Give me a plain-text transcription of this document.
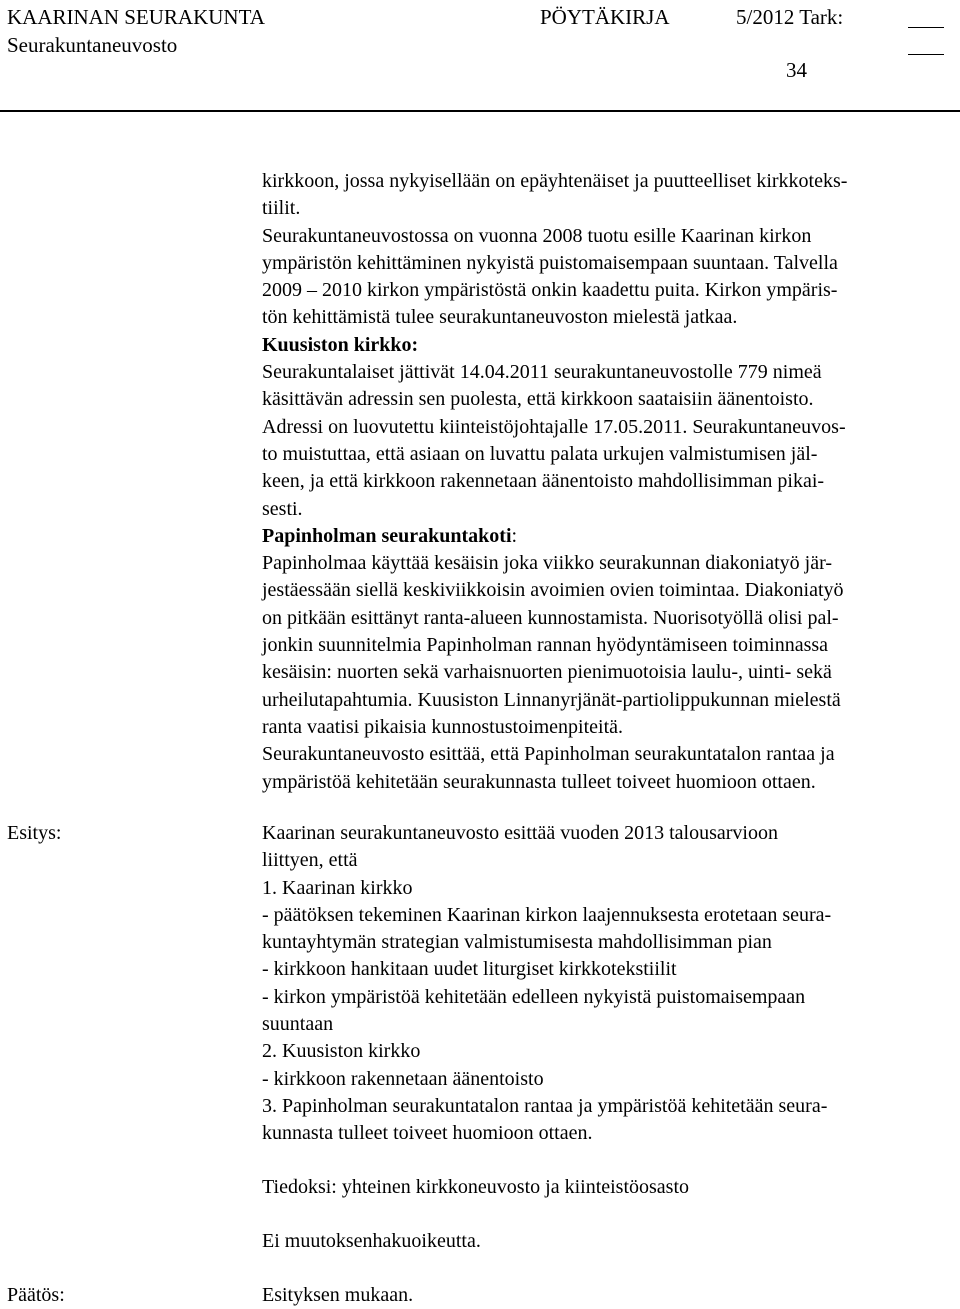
KAARINAN SEURAKUNTA
Seurakuntaneuvosto
PÖYTÄKIRJA	5/2012 Tark:
34
kirkkoon, jossa nykyisellään on epäyhtenäiset ja puutteelliset kirkkoteks-
tiilit.
Seurakuntaneuvostossa on vuonna 2008 tuotu esille Kaarinan kirkon
ympäristön kehittäminen nykyistä puistomaisempaan suuntaan. Talvella
2009 – 2010 kirkon ympäristöstä onkin kaadettu puita. Kirkon ympäris-
tön kehittämistä tulee seurakuntaneuvoston mielestä jatkaa.
Kuusiston kirkko:
Seurakuntalaiset jättivät 14.04.2011 seurakuntaneuvostolle 779 nimeä
käsittävän adressin sen puolesta, että kirkkoon saataisiin äänentoisto.
Adressi on luovutettu kiinteistöjohtajalle 17.05.2011. Seurakuntaneuvos-
to muistuttaa, että asiaan on luvattu palata urkujen valmistumisen jäl-
keen, ja että kirkkoon rakennetaan äänentoisto mahdollisimman pikai-
sesti.
Papinholman seurakuntakoti:
Papinholmaa käyttää kesäisin joka viikko seurakunnan diakoniatyö jär-
jestäessään siellä keskiviikkoisin avoimien ovien toimintaa. Diakoniatyö
on pitkään esittänyt ranta-alueen kunnostamista. Nuorisotyöllä olisi pal-
jonkin suunnitelmia Papinholman rannan hyödyntämiseen toiminnassa
kesäisin: nuorten sekä varhaisnuorten pienimuotoisia laulu-, uinti- sekä
urheilutapahtumia. Kuusiston Linnanyrjänät-partiolippukunnan mielestä
ranta vaatisi pikaisia kunnostustoimenpiteitä.
Seurakuntaneuvosto esittää, että Papinholman seurakuntatalon rantaa ja
ympäristöä kehitetään seurakunnasta tulleet toiveet huomioon ottaen.
Esitys:	Kaarinan seurakuntaneuvosto esittää vuoden 2013 talousarvioon
liittyen, että
1. Kaarinan kirkko
- päätöksen tekeminen Kaarinan kirkon laajennuksesta erotetaan seura-
kuntayhtymän strategian valmistumisesta mahdollisimman pian
- kirkkoon hankitaan uudet liturgiset kirkkotekstiilit
- kirkon ympäristöä kehitetään edelleen nykyistä puistomaisempaan
suuntaan
2. Kuusiston kirkko
- kirkkoon rakennetaan äänentoisto
3. Papinholman seurakuntatalon rantaa ja ympäristöä kehitetään seura-
kunnasta tulleet toiveet huomioon ottaen.
Tiedoksi: yhteinen kirkkoneuvosto ja kiinteistöosasto
Ei muutoksenhakuoikeutta.
Päätös:	Esityksen mukaan.
